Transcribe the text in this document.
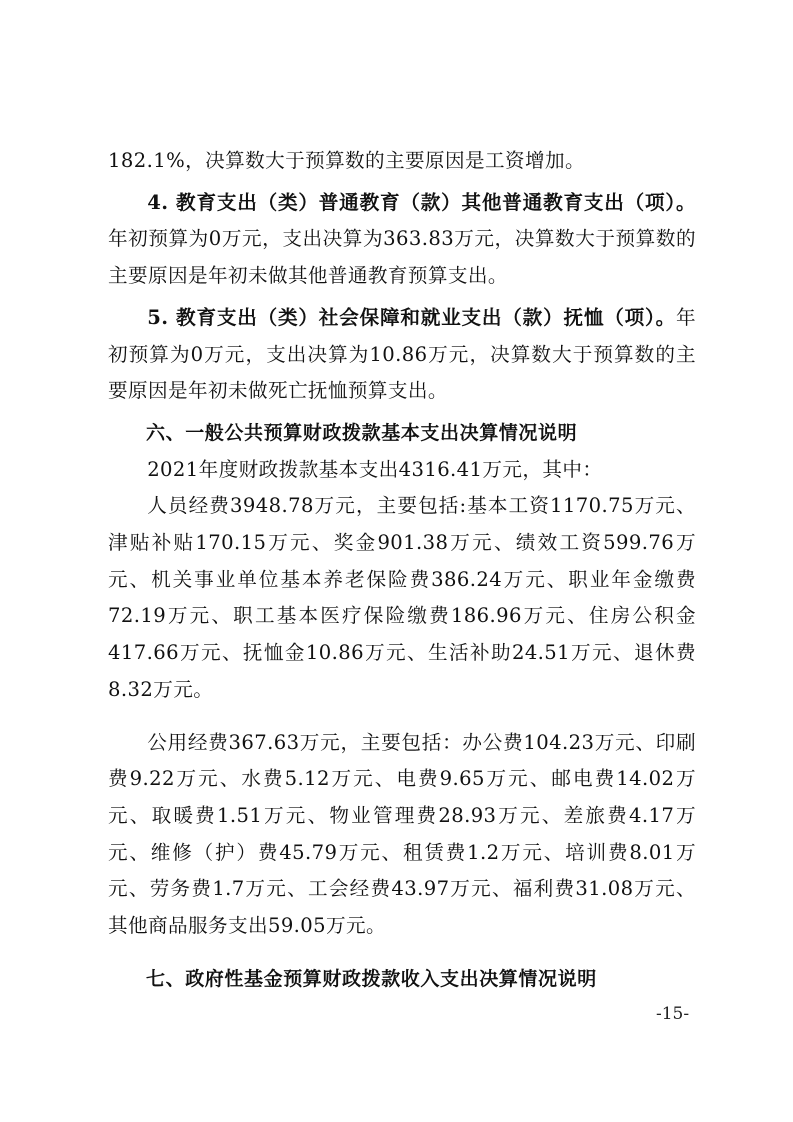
182.1%，决算数大于预算数的主要原因是工资增加。

4. 教育支出（类）普通教育（款）其他普通教育支出（项）。年初预算为0万元，支出决算为363.83万元，决算数大于预算数的主要原因是年初未做其他普通教育预算支出。

5. 教育支出（类）社会保障和就业支出（款）抚恤（项）。年初预算为0万元，支出决算为10.86万元，决算数大于预算数的主要原因是年初未做死亡抚恤预算支出。

六、一般公共预算财政拨款基本支出决算情况说明

2021年度财政拨款基本支出4316.41万元，其中：

人员经费3948.78万元，主要包括:基本工资1170.75万元、津贴补贴170.15万元、奖金901.38万元、绩效工资599.76万元、机关事业单位基本养老保险费386.24万元、职业年金缴费72.19万元、职工基本医疗保险缴费186.96万元、住房公积金417.66万元、抚恤金10.86万元、生活补助24.51万元、退休费8.32万元。

公用经费367.63万元，主要包括：办公费104.23万元、印刷费9.22万元、水费5.12万元、电费9.65万元、邮电费14.02万元、取暖费1.51万元、物业管理费28.93万元、差旅费4.17万元、维修（护）费45.79万元、租赁费1.2万元、培训费8.01万元、劳务费1.7万元、工会经费43.97万元、福利费31.08万元、其他商品服务支出59.05万元。

七、政府性基金预算财政拨款收入支出决算情况说明

-15-
